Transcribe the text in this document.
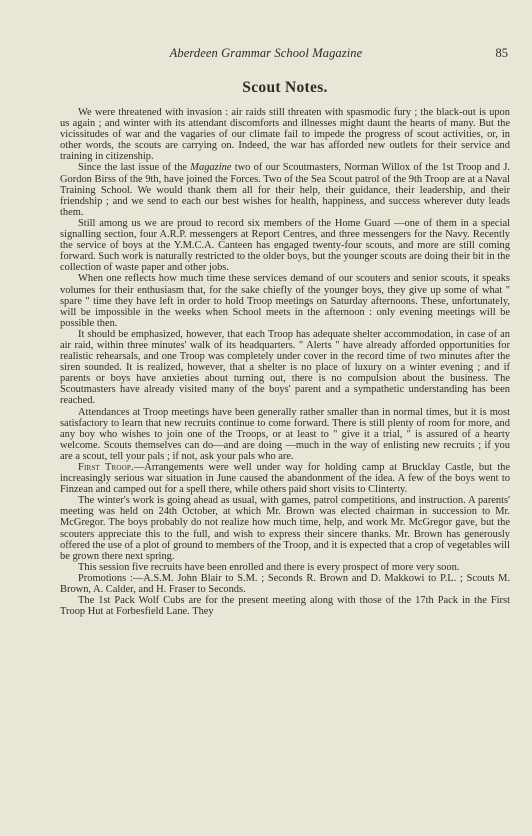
Aberdeen Grammar School Magazine	85
Scout Notes.

We were threatened with invasion : air raids still threaten with spasmodic fury ; the black-out is upon us again ; and winter with its attendant discomforts and illnesses might daunt the hearts of many. But the vicissitudes of war and the vagaries of our climate fail to impede the progress of scout activities, or, in other words, the scouts are carrying on. Indeed, the war has afforded new outlets for their service and training in citizenship.

Since the last issue of the Magazine two of our Scoutmasters, Norman Willox of the 1st Troop and J. Gordon Birss of the 9th, have joined the Forces. Two of the Sea Scout patrol of the 9th Troop are at a Naval Training School. We would thank them all for their help, their guidance, their leadership, and their friendship ; and we send to each our best wishes for health, happiness, and success wherever duty leads them.

Still among us we are proud to record six members of the Home Guard —one of them in a special signalling section, four A.R.P. messengers at Report Centres, and three messengers for the Navy. Recently the service of boys at the Y.M.C.A. Canteen has engaged twenty-four scouts, and more are still coming forward. Such work is naturally restricted to the older boys, but the younger scouts are doing their bit in the collection of waste paper and other jobs.

When one reflects how much time these services demand of our scouters and senior scouts, it speaks volumes for their enthusiasm that, for the sake chiefly of the younger boys, they give up some of what " spare " time they have left in order to hold Troop meetings on Saturday afternoons. These, unfortunately, will be impossible in the weeks when School meets in the afternoon : only evening meetings will be possible then.

It should be emphasized, however, that each Troop has adequate shelter accommodation, in case of an air raid, within three minutes' walk of its headquarters. " Alerts " have already afforded opportunities for realistic rehearsals, and one Troop was completely under cover in the record time of two minutes after the siren sounded. It is realized, however, that a shelter is no place of luxury on a winter evening ; and if parents or boys have anxieties about turning out, there is no compulsion about the business. The Scoutmasters have already visited many of the boys' parent and a sympathetic understanding has been reached.

Attendances at Troop meetings have been generally rather smaller than in normal times, but it is most satisfactory to learn that new recruits continue to come forward. There is still plenty of room for more, and any boy who wishes to join one of the Troops, or at least to " give it a trial, " is assured of a hearty welcome. Scouts themselves can do—and are doing —much in the way of enlisting new recruits ; if you are a scout, tell your pals ; if not, ask your pals who are.

First Troop.—Arrangements were well under way for holding camp at Brucklay Castle, but the increasingly serious war situation in June caused the abandonment of the idea. A few of the boys went to Finzean and camped out for a spell there, while others paid short visits to Clinterty.

The winter's work is going ahead as usual, with games, patrol competitions, and instruction. A parents' meeting was held on 24th October, at which Mr. Brown was elected chairman in succession to Mr. McGregor. The boys probably do not realize how much time, help, and work Mr. McGregor gave, but the scouters appreciate this to the full, and wish to express their sincere thanks. Mr. Brown has generously offered the use of a plot of ground to members of the Troop, and it is expected that a crop of vegetables will be grown there next spring.

This session five recruits have been enrolled and there is every prospect of more very soon.

Promotions :—A.S.M. John Blair to S.M. ; Seconds R. Brown and D. Makkowi to P.L. ; Scouts M. Brown, A. Calder, and H. Fraser to Seconds.

The 1st Pack Wolf Cubs are for the present meeting along with those of the 17th Pack in the First Troop Hut at Forbesfield Lane. They
